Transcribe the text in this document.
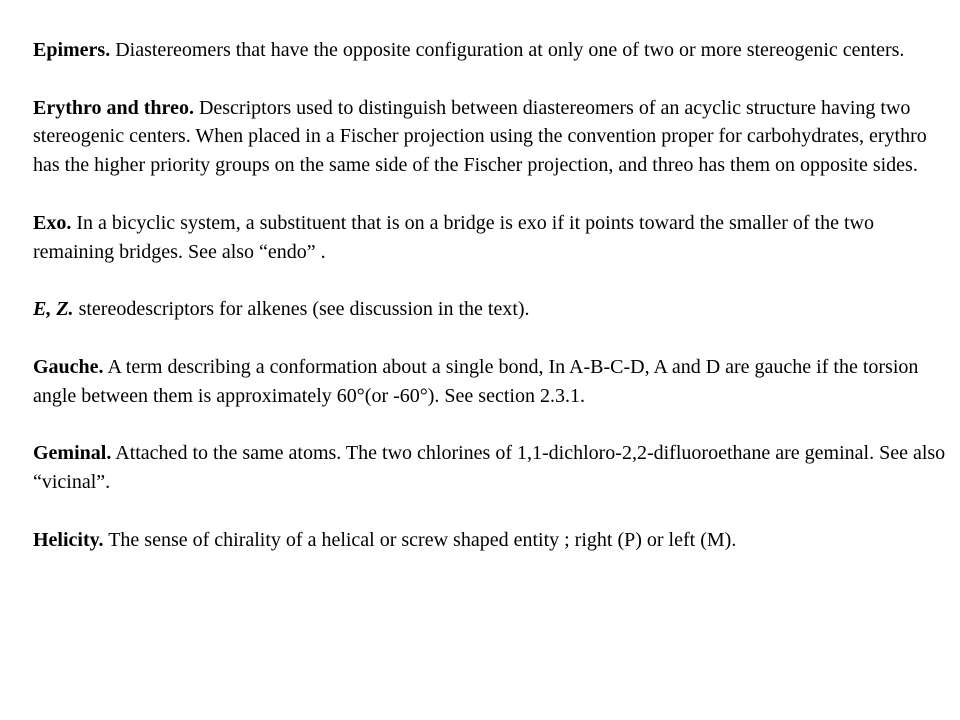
Epimers. Diastereomers that have the opposite configuration at only one of two or more stereogenic centers.

Erythro and threo. Descriptors used to distinguish between diastereomers of an acyclic structure having two stereogenic centers. When placed in a Fischer projection using the convention proper for carbohydrates, erythro has the higher priority groups on the same side of the Fischer projection, and threo has them on opposite sides.

Exo. In a bicyclic system, a substituent that is on a bridge is exo if it points toward the smaller of the two remaining bridges. See also “endo” .

E, Z. stereodescriptors for alkenes (see discussion in the text).

Gauche. A term describing a conformation about a single bond, In A-B-C-D, A and D are gauche if the torsion angle between them is approximately 60°(or -60°). See section 2.3.1.

Geminal. Attached to the same atoms. The two chlorines of 1,1-dichloro-2,2-difluoroethane are geminal. See also “vicinal”.

Helicity. The sense of chirality of a helical or screw shaped entity ; right (P) or left (M).
